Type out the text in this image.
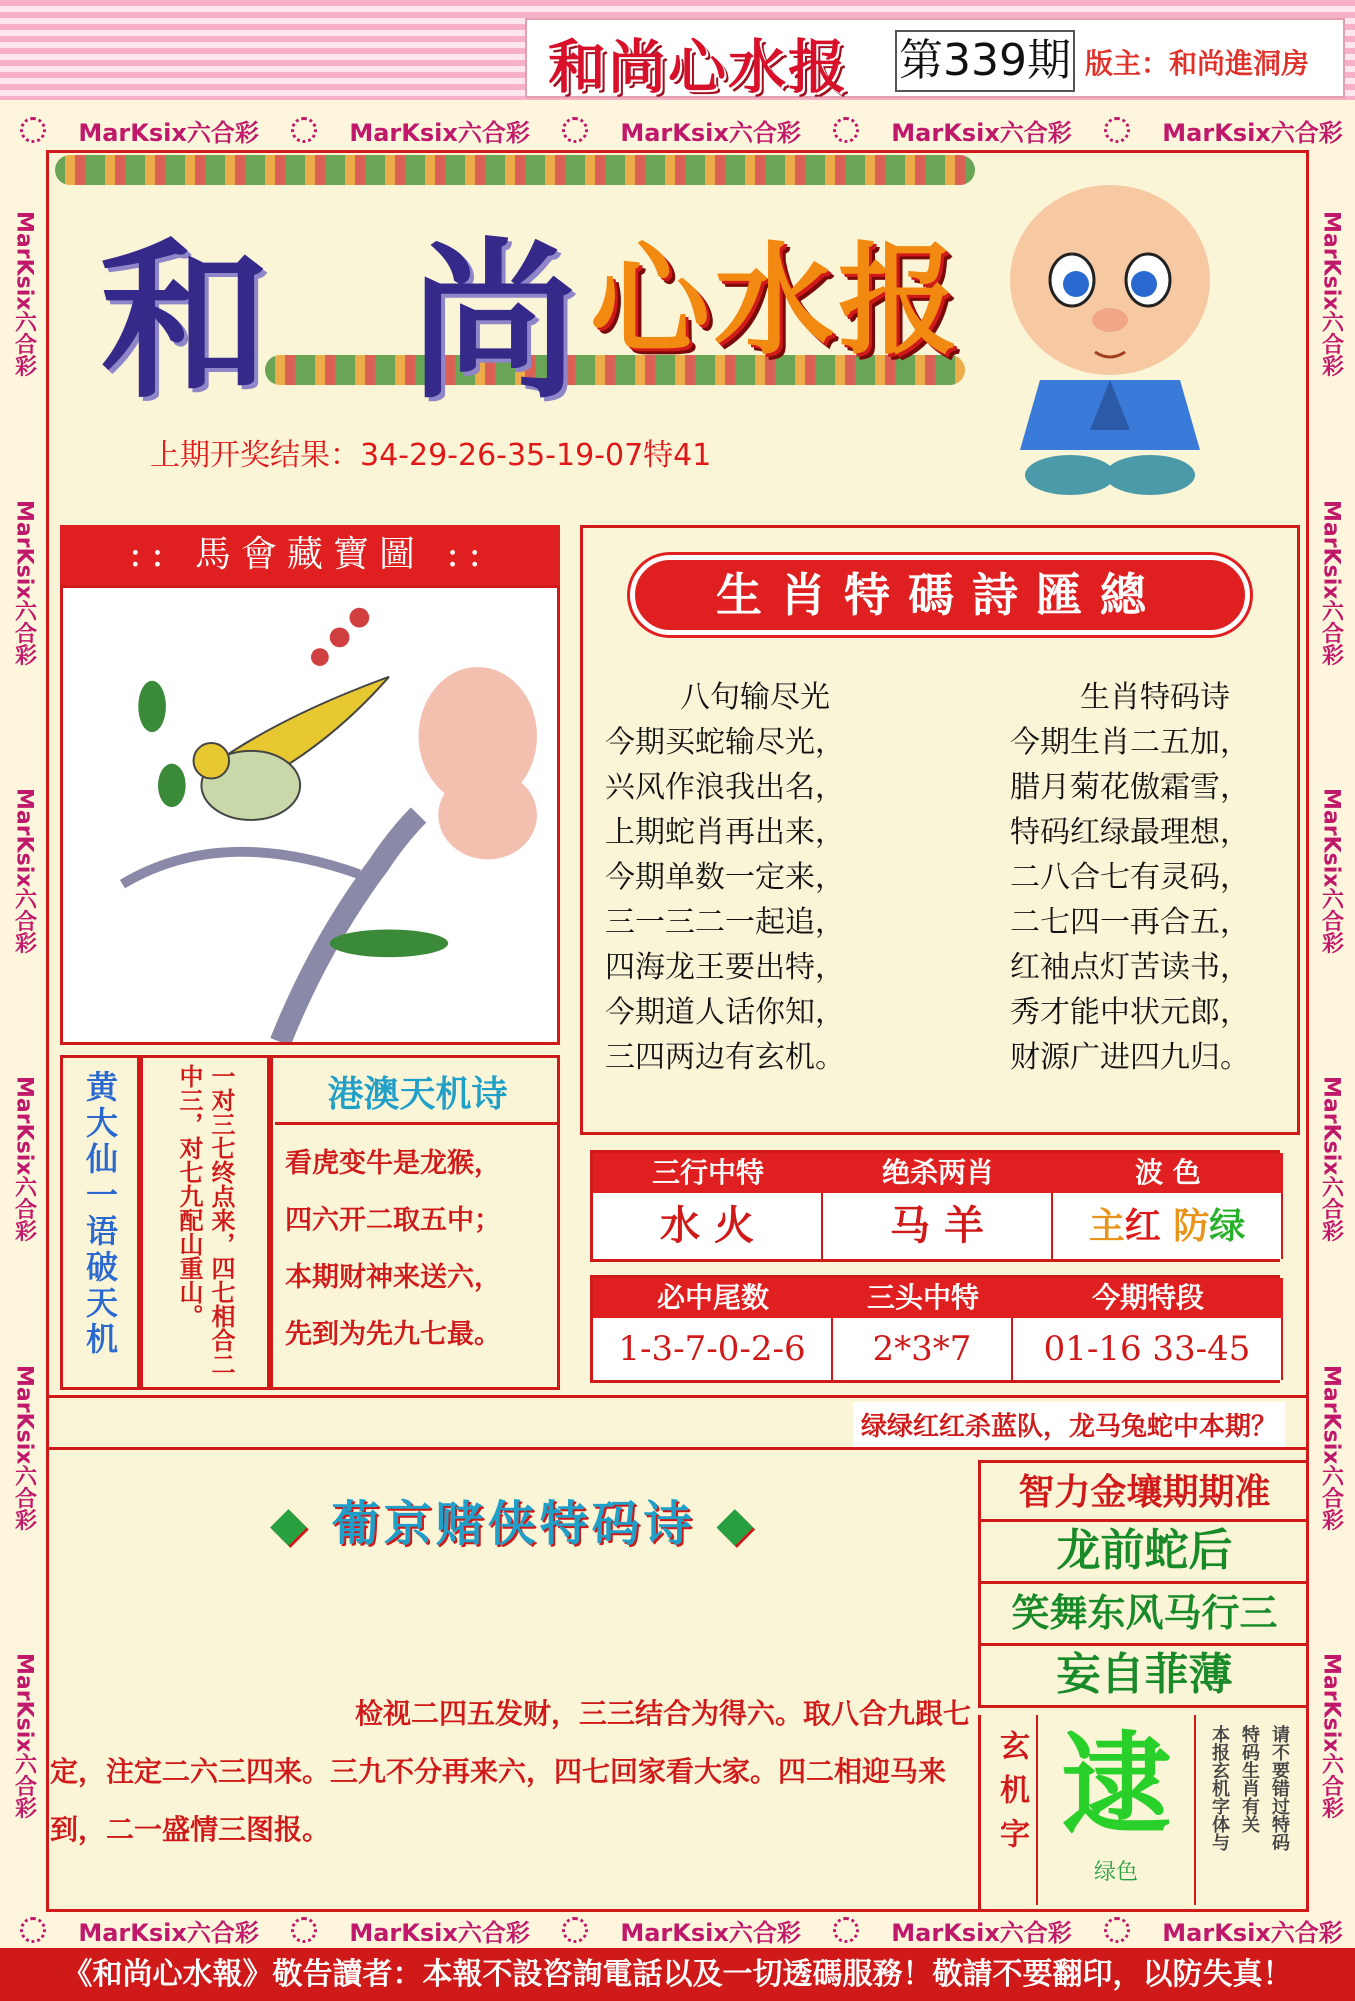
和尚心水报 第339期 版主：和尚進洞房
MarKsix六合彩	MarKsix六合彩	MarKsix六合彩	MarKsix六合彩	MarKsix六合彩
MarKsix六合彩	MarKsix六合彩	MarKsix六合彩	MarKsix六合彩	MarKsix六合彩
MarKsix六合彩
MarKsix六合彩
MarKsix六合彩
MarKsix六合彩
MarKsix六合彩
MarKsix六合彩
MarKsix六合彩
MarKsix六合彩
MarKsix六合彩
MarKsix六合彩
MarKsix六合彩
MarKsix六合彩
和 尚
心水报
上期开奖结果：34-29-26-35-19-07特41
:: 馬會藏寶圖 ::
生肖特碼詩匯總
八句输尽光
今期买蛇输尽光，
兴风作浪我出名，
上期蛇肖再出来，
今期单数一定来，
三一三二一起追，
四海龙王要出特，
今期道人话你知，
三四两边有玄机。
生肖特码诗
今期生肖二五加，
腊月菊花傲霜雪，
特码红绿最理想，
二八合七有灵码，
二七四一再合五，
红袖点灯苦读书，
秀才能中状元郎，
财源广进四九归。
三行中特	绝杀两肖	波 色
水 火	马 羊	主红 防绿
必中尾数	三头中特	今期特段
1-3-7-0-2-6	2*3*7	01-16 33-45
黄大仙一语破天机	一对三七终点来，四七相合二中三，对七九配山重山。	港澳天机诗
看虎变牛是龙猴，
四六开二取五中；
本期财神来送六，
先到为先九七最。
绿绿红红杀蓝队，龙马兔蛇中本期？
◆ 葡京赌侠特码诗 ◆
检视二四五发财，三三结合为得六。取八合九跟七定，注定二六三四来。三九不分再来六，四七回家看大家。四二相迎马来到，二一盛情三图报。
智力金壤期期准
龙前蛇后
笑舞东风马行三
妄自菲薄
玄机字 逮
绿色
请不要错过特码
特码生肖有关
本报玄机字体与
《和尚心水報》敬告讀者：本報不設咨詢電話以及一切透碼服務！敬請不要翻印，以防失真！
